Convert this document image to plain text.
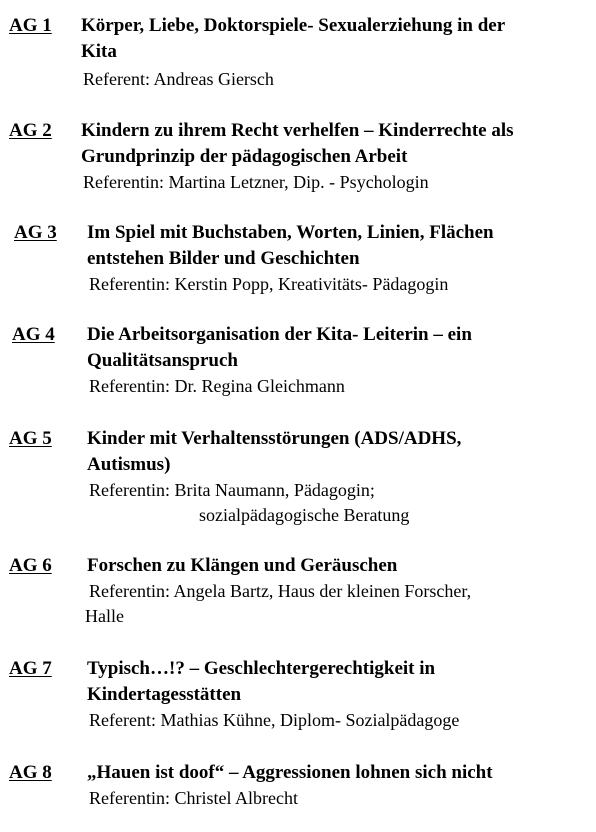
AG 1 Körper, Liebe, Doktorspiele- Sexualerziehung in der
Kita
Referent: Andreas Giersch
AG 2 Kindern zu ihrem Recht verhelfen – Kinderrechte als
Grundprinzip der pädagogischen Arbeit
Referentin: Martina Letzner, Dip. - Psychologin
AG 3 Im Spiel mit Buchstaben, Worten, Linien, Flächen
entstehen Bilder und Geschichten
Referentin: Kerstin Popp, Kreativitäts- Pädagogin
AG 4 Die Arbeitsorganisation der Kita- Leiterin – ein
Qualitätsanspruch
Referentin: Dr. Regina Gleichmann
AG 5 Kinder mit Verhaltensstörungen (ADS/ADHS,
Autismus)
Referentin: Brita Naumann, Pädagogin;
sozialpädagogische Beratung
AG 6 Forschen zu Klängen und Geräuschen
Referentin: Angela Bartz, Haus der kleinen Forscher,
Halle
AG 7 Typisch…!? – Geschlechtergerechtigkeit in
Kindertagesstätten
Referent: Mathias Kühne, Diplom- Sozialpädagoge
AG 8 „Hauen ist doof“ – Aggressionen lohnen sich nicht
Referentin: Christel Albrecht
